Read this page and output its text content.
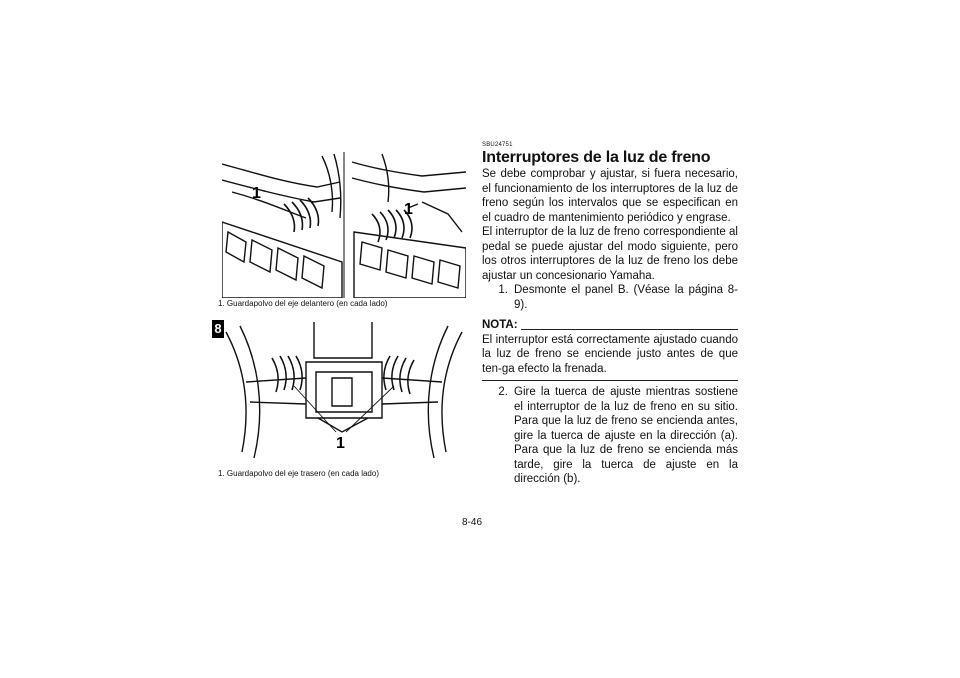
8
1
1
1. Guardapolvo del eje delantero (en cada lado)
1
1. Guardapolvo del eje trasero (en cada lado)
SBU24751
Interruptores de la luz de freno

Se debe comprobar y ajustar, si fuera necesario, el funcionamiento de los interruptores de la luz de freno según los intervalos que se especifican en el cuadro de mantenimiento periódico y engrase.

El interruptor de la luz de freno correspondiente al pedal se puede ajustar del modo siguiente, pero los otros interruptores de la luz de freno los debe ajustar un concesionario Yamaha.

1. Desmonte el panel B. (Véase la página 8-9).
NOTA:
El interruptor está correctamente ajustado cuando la luz de freno se enciende justo antes de que ten-ga efecto la frenada.
2. Gire la tuerca de ajuste mientras sostiene el interruptor de la luz de freno en su sitio. Para que la luz de freno se encienda antes, gire la tuerca de ajuste en la dirección (a). Para que la luz de freno se encienda más tarde, gire la tuerca de ajuste en la dirección (b).
8-46
